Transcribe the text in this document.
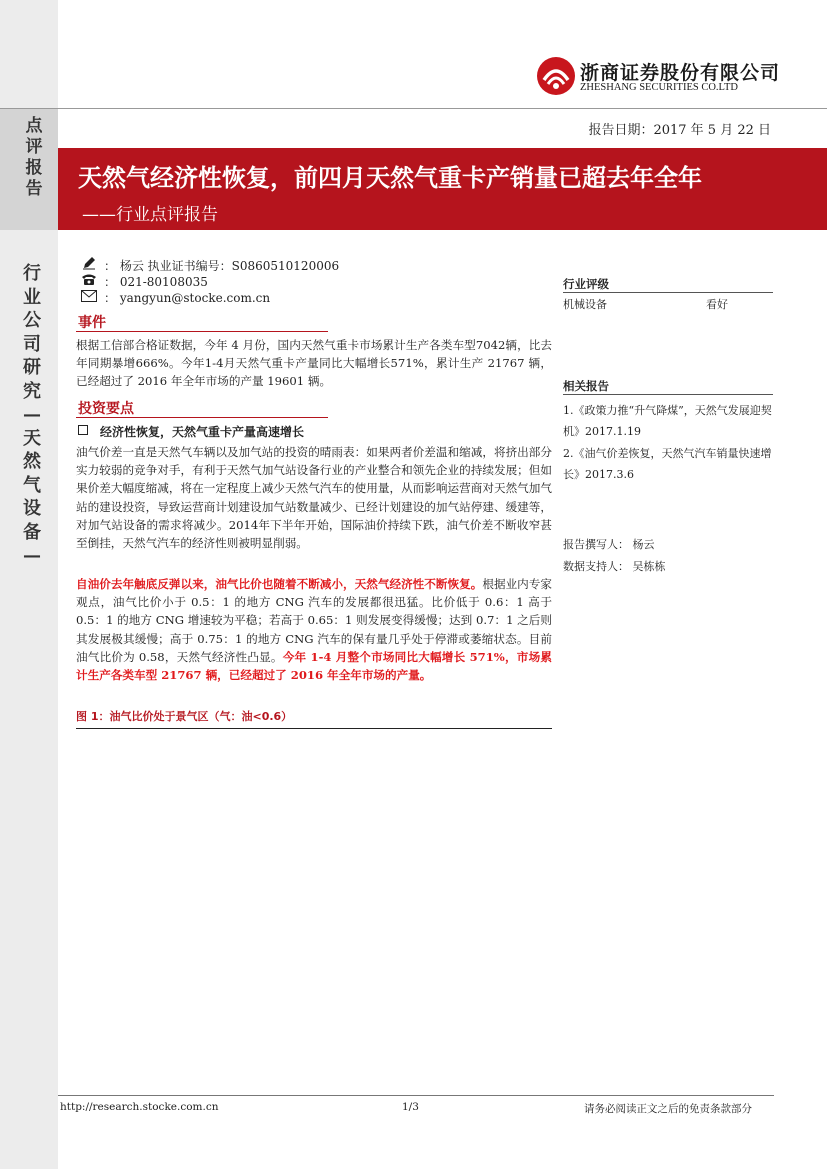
浙商证券股份有限公司
ZHESHANG SECURITIES CO.LTD
点评报告
报告日期：2017 年 5 月 22 日
天然气经济性恢复，前四月天然气重卡产销量已超去年全年
——行业点评报告
行业公司研究—天然气设备—
： 杨云 执业证书编号：S0860510120006
： 021-80108035
： yangyun@stocke.com.cn
事件
根据工信部合格证数据，今年 4 月份，国内天然气重卡市场累计生产各类车型7042辆，比去年同期暴增666%。今年1-4月天然气重卡产量同比大幅增长571%，累计生产 21767 辆，已经超过了 2016 年全年市场的产量 19601 辆。
投资要点
经济性恢复，天然气重卡产量高速增长
油气价差一直是天然气车辆以及加气站的投资的晴雨表：如果两者价差温和缩减，将挤出部分实力较弱的竞争对手，有利于天然气加气站设备行业的产业整合和领先企业的持续发展；但如果价差大幅度缩减，将在一定程度上减少天然气汽车的使用量，从而影响运营商对天然气加气站的建设投资，导致运营商计划建设加气站数量减少、已经计划建设的加气站停建、缓建等，对加气站设备的需求将减少。2014年下半年开始，国际油价持续下跌，油气价差不断收窄甚至倒挂，天然气汽车的经济性则被明显削弱。
自油价去年触底反弹以来，油气比价也随着不断减小，天然气经济性不断恢复。根据业内专家观点，油气比价小于 0.5：1 的地方 CNG 汽车的发展都很迅猛。比价低于 0.6：1 高于 0.5：1 的地方 CNG 增速较为平稳；若高于 0.65：1 则发展变得缓慢；达到 0.7：1 之后则其发展极其缓慢；高于 0.75：1 的地方 CNG 汽车的保有量几乎处于停滞或萎缩状态。目前油气比价为 0.58，天然气经济性凸显。今年 1-4 月整个市场同比大幅增长 571%，市场累计生产各类车型 21767 辆，已经超过了 2016 年全年市场的产量。
图 1：油气比价处于景气区（气：油<0.6）
行业评级
机械设备	看好
相关报告
1.《政策力推“升气降煤”，天然气发展迎契机》2017.1.19
2.《油气价差恢复，天然气汽车销量快速增长》2017.3.6
报告撰写人： 杨云
数据支持人： 吴栋栋
http://research.stocke.com.cn	1/3	请务必阅读正文之后的免责条款部分
